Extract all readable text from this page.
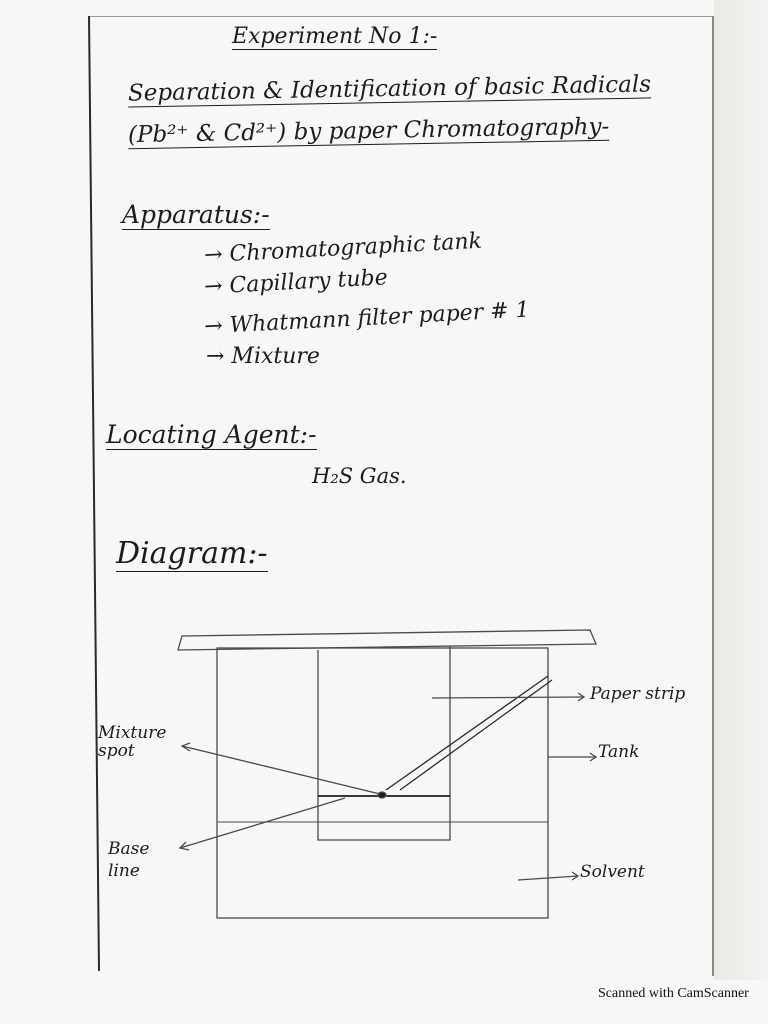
Experiment No 1:-
Separation & Identification of basic Radicals
(Pb²⁺ & Cd²⁺) by paper Chromatography-
Apparatus:-
→ Chromatographic tank
→ Capillary tube
→ Whatmann filter paper # 1
→ Mixture
Locating Agent:-
H₂S Gas.
Diagram:-
Mixture spot
Base line
Paper strip
Tank
Solvent
Scanned with CamScanner
